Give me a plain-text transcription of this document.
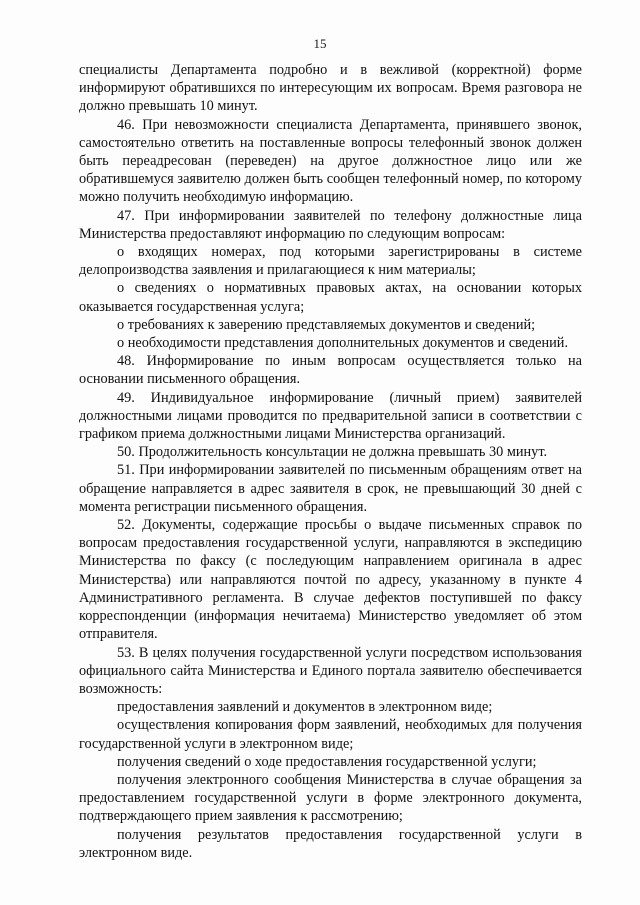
15

специалисты Департамента подробно и в вежливой (корректной) форме информируют обратившихся по интересующим их вопросам. Время разговора не должно превышать 10 минут.

46. При невозможности специалиста Департамента, принявшего звонок, самостоятельно ответить на поставленные вопросы телефонный звонок должен быть переадресован (переведен) на другое должностное лицо или же обратившемуся заявителю должен быть сообщен телефонный номер, по которому можно получить необходимую информацию.

47. При информировании заявителей по телефону должностные лица Министерства предоставляют информацию по следующим вопросам:

о входящих номерах, под которыми зарегистрированы в системе делопроизводства заявления и прилагающиеся к ним материалы;

о сведениях о нормативных правовых актах, на основании которых оказывается государственная услуга;

о требованиях к заверению представляемых документов и сведений;

о необходимости представления дополнительных документов и сведений.

48. Информирование по иным вопросам осуществляется только на основании письменного обращения.

49. Индивидуальное информирование (личный прием) заявителей должностными лицами проводится по предварительной записи в соответствии с графиком приема должностными лицами Министерства организаций.

50. Продолжительность консультации не должна превышать 30 минут.

51. При информировании заявителей по письменным обращениям ответ на обращение направляется в адрес заявителя в срок, не превышающий 30 дней с момента регистрации письменного обращения.

52. Документы, содержащие просьбы о выдаче письменных справок по вопросам предоставления государственной услуги, направляются в экспедицию Министерства по факсу (с последующим направлением оригинала в адрес Министерства) или направляются почтой по адресу, указанному в пункте 4 Административного регламента. В случае дефектов поступившей по факсу корреспонденции (информация нечитаема) Министерство уведомляет об этом отправителя.

53. В целях получения государственной услуги посредством использования официального сайта Министерства и Единого портала заявителю обеспечивается возможность:

предоставления заявлений и документов в электронном виде;

осуществления копирования форм заявлений, необходимых для получения государственной услуги в электронном виде;

получения сведений о ходе предоставления государственной услуги;

получения электронного сообщения Министерства в случае обращения за предоставлением государственной услуги в форме электронного документа, подтверждающего прием заявления к рассмотрению;

получения результатов предоставления государственной услуги в электронном виде.
